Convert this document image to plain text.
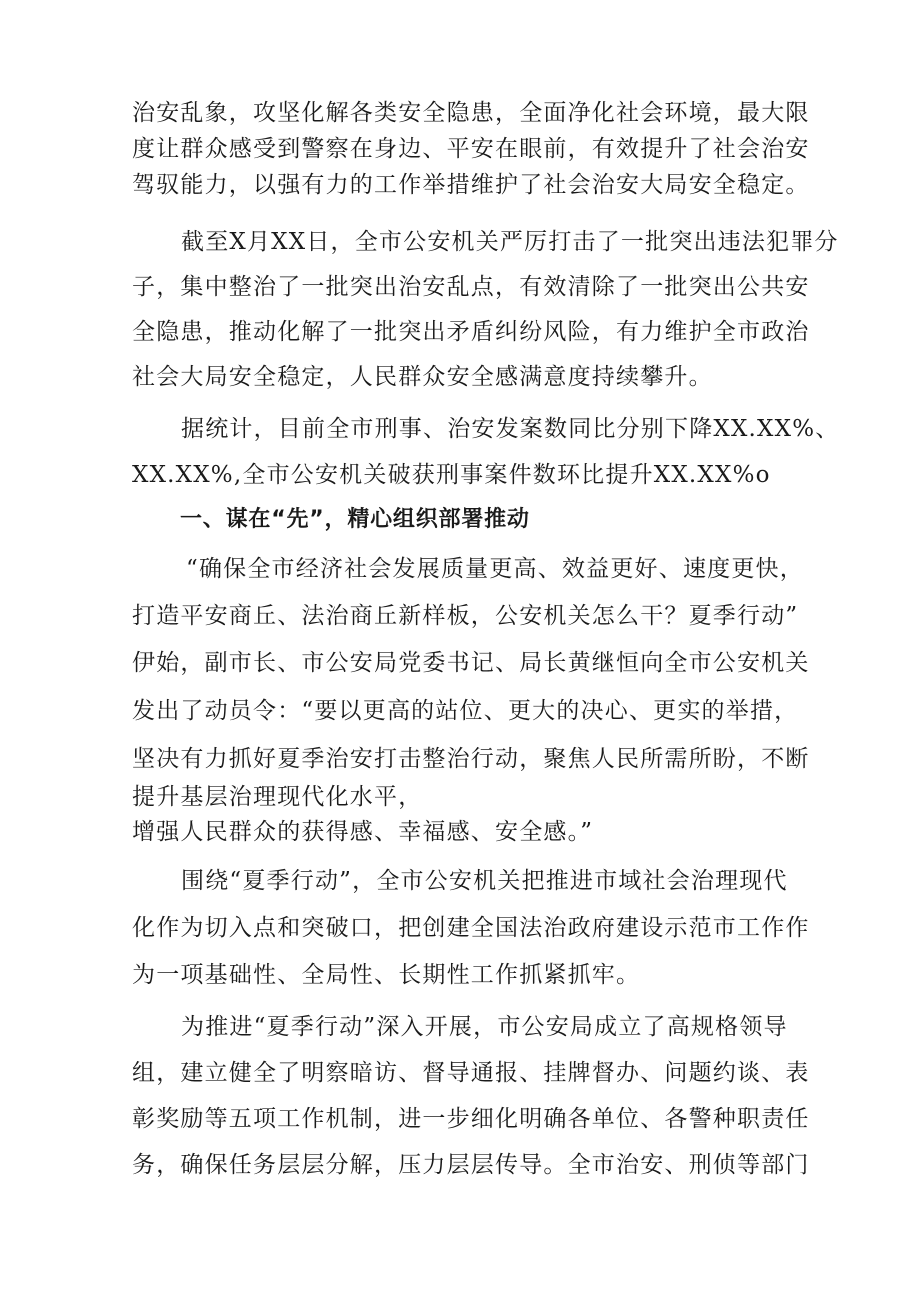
治安乱象，攻坚化解各类安全隐患，全面净化社会环境，最大限
度让群众感受到警察在身边、平安在眼前，有效提升了社会治安
驾驭能力，以强有力的工作举措维护了社会治安大局安全稳定。
截至X月XX日，全市公安机关严厉打击了一批突出违法犯罪分
子，集中整治了一批突出治安乱点，有效清除了一批突出公共安
全隐患，推动化解了一批突出矛盾纠纷风险，有力维护全市政治
社会大局安全稳定，人民群众安全感满意度持续攀升。
据统计，目前全市刑事、治安发案数同比分别下降XX.XX%、
XX.XX%,全市公安机关破获刑事案件数环比提升XX.XX%o
一、谋在“先”，精心组织部署推动
“确保全市经济社会发展质量更高、效益更好、速度更快，
打造平安商丘、法治商丘新样板，公安机关怎么干？夏季行动”
伊始，副市长、市公安局党委书记、局长黄继恒向全市公安机关
发出了动员令：“要以更高的站位、更大的决心、更实的举措，
坚决有力抓好夏季治安打击整治行动，聚焦人民所需所盼，不断
提升基层治理现代化水平，
增强人民群众的获得感、幸福感、安全感。”
围绕“夏季行动”，全市公安机关把推进市域社会治理现代
化作为切入点和突破口，把创建全国法治政府建设示范市工作作
为一项基础性、全局性、长期性工作抓紧抓牢。
为推进“夏季行动”深入开展，市公安局成立了高规格领导
组，建立健全了明察暗访、督导通报、挂牌督办、问题约谈、表
彰奖励等五项工作机制，进一步细化明确各单位、各警种职责任
务，确保任务层层分解，压力层层传导。全市治安、刑侦等部门
